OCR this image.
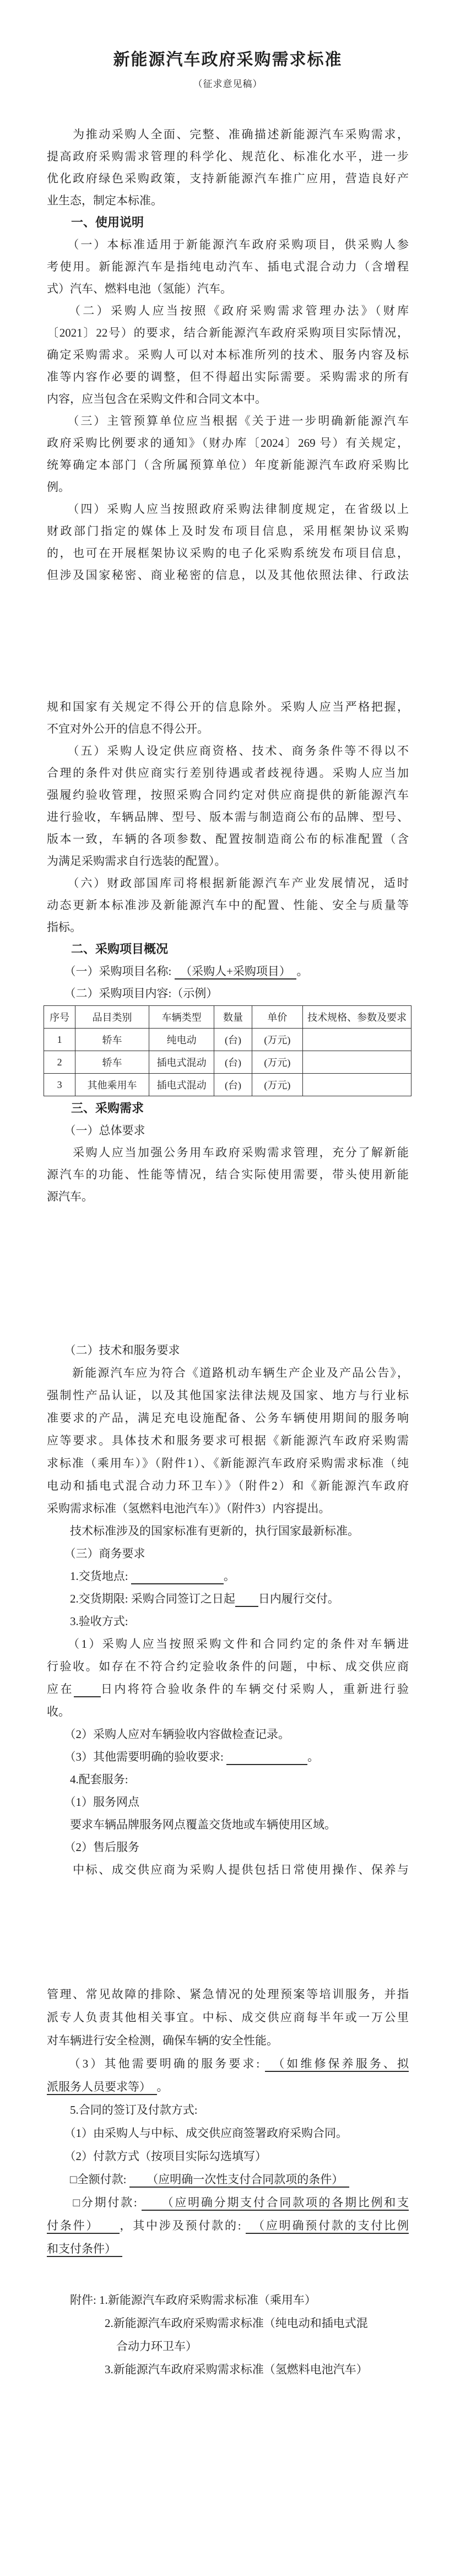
新能源汽车政府采购需求标准
（征求意见稿）
　　为推动采购人全面、完整、准确描述新能源汽车采购需求，
提高政府采购需求管理的科学化、规范化、标准化水平，进一步
优化政府绿色采购政策，支持新能源汽车推广应用，营造良好产
业生态，制定本标准。
　　一、使用说明
　　（一）本标准适用于新能源汽车政府采购项目，供采购人参
考使用。新能源汽车是指纯电动汽车、插电式混合动力（含增程
式）汽车、燃料电池（氢能）汽车。
　　（二）采购人应当按照《政府采购需求管理办法》（财库
〔2021〕22号）的要求，结合新能源汽车政府采购项目实际情况，
确定采购需求。采购人可以对本标准所列的技术、服务内容及标
准等内容作必要的调整，但不得超出实际需要。采购需求的所有
内容，应当包含在采购文件和合同文本中。
　　（三）主管预算单位应当根据《关于进一步明确新能源汽车
政府采购比例要求的通知》（财办库〔2024〕269 号）有关规定，
统筹确定本部门（含所属预算单位）年度新能源汽车政府采购比
例。
　　（四）采购人应当按照政府采购法律制度规定，在省级以上
财政部门指定的媒体上及时发布项目信息，采用框架协议采购
的，也可在开展框架协议采购的电子化采购系统发布项目信息，
但涉及国家秘密、商业秘密的信息，以及其他依照法律、行政法
规和国家有关规定不得公开的信息除外。采购人应当严格把握，
不宜对外公开的信息不得公开。
　　（五）采购人设定供应商资格、技术、商务条件等不得以不
合理的条件对供应商实行差别待遇或者歧视待遇。采购人应当加
强履约验收管理，按照采购合同约定对供应商提供的新能源汽车
进行验收，车辆品牌、型号、版本需与制造商公布的品牌、型号、
版本一致，车辆的各项参数、配置按制造商公布的标准配置（含
为满足采购需求自行选装的配置）。
　　（六）财政部国库司将根据新能源汽车产业发展情况，适时
动态更新本标准涉及新能源汽车中的配置、性能、安全与质量等
指标。
　　二、采购项目概况
　　（一）采购项目名称: 　（采购人+采购项目）　。
　　（二）采购项目内容:（示例）
序号	品目类别	车辆类型	数量	单价	技术规格、参数及要求
1	轿车	纯电动	(台)	(万元)	
2	轿车	插电式混动	(台)	(万元)	
3	其他乘用车	插电式混动	(台)	(万元)	
　　三、采购需求
　　（一）总体要求
　　采购人应当加强公务用车政府采购需求管理，充分了解新能
源汽车的功能、性能等情况，结合实际使用需要，带头使用新能
源汽车。
　　（二）技术和服务要求
　　新能源汽车应为符合《道路机动车辆生产企业及产品公告》，
强制性产品认证，以及其他国家法律法规及国家、地方与行业标
准要求的产品，满足充电设施配备、公务车辆使用期间的服务响
应等要求。具体技术和服务要求可根据《新能源汽车政府采购需
求标准（乘用车）》（附件1）、《新能源汽车政府采购需求标准（纯
电动和插电式混合动力环卫车）》（附件2）和《新能源汽车政府
采购需求标准（氢燃料电池汽车）》（附件3）内容提出。
　　技术标准涉及的国家标准有更新的，执行国家最新标准。
　　（三）商务要求
　　1.交货地点: 　　　　　　　　	。
　　2.交货期限: 采购合同签订之日起　　 日内履行交付。
　　3.验收方式:
　　（1）采购人应当按照采购文件和合同约定的条件对车辆进
行验收。如存在不符合约定验收条件的问题，中标、成交供应商
应在　　 日内将符合验收条件的车辆交付采购人，重新进行验
收。
　　（2）采购人应对车辆验收内容做检查记录。
　　（3）其他需要明确的验收要求: 　　　　　　　	。
　　4.配套服务:
　　（1）服务网点
　　要求车辆品牌服务网点覆盖交货地或车辆使用区域。
　　（2）售后服务
　　中标、成交供应商为采购人提供包括日常使用操作、保养与
管理、常见故障的排除、紧急情况的处理预案等培训服务，并指
派专人负责其他相关事宜。中标、成交供应商每半年或一万公里
对车辆进行安全检测，确保车辆的安全性能。
　　（3）其他需要明确的服务要求: 　（如维修保养服务、拟
派服务人员要求等）　。
　　5.合同的签订及付款方式:
　　（1）由采购人与中标、成交供应商签署政府采购合同。
　　（2）付款方式（按项目实际勾选填写）
　　□全额付款: 　　（应明确一次性支付合同款项的条件）　
　　□分期付款: 　　（应明确分期支付合同款项的各期比例和支
付条件）　　，其中涉及预付款的: 　（应明确预付款的支付比例
和支付条件）　
　　附件: 1.新能源汽车政府采购需求标准（乘用车）
　　　　　2.新能源汽车政府采购需求标准（纯电动和插电式混
　　　　　　合动力环卫车）
　　　　　3.新能源汽车政府采购需求标准（氢燃料电池汽车）
